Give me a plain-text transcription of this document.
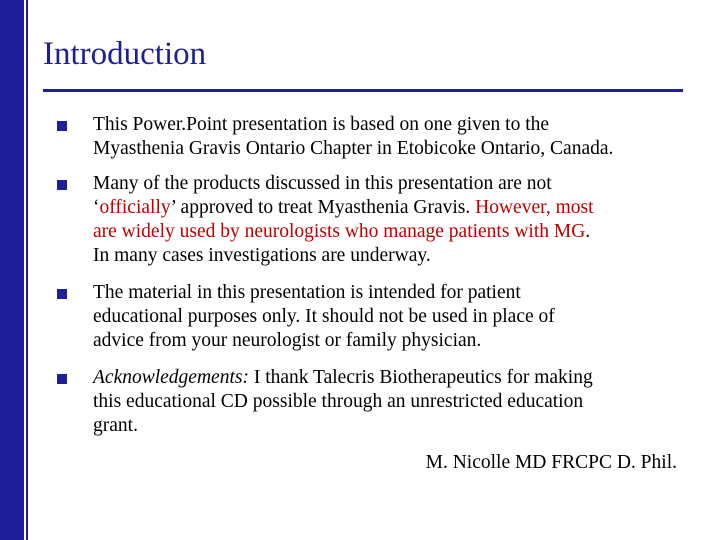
Introduction
This Power.Point presentation is based on one given to the
Myasthenia Gravis Ontario Chapter in Etobicoke Ontario, Canada.
Many of the products discussed in this presentation are not
‘officially’ approved to treat Myasthenia Gravis. However, most
are widely used by neurologists who manage patients with MG.
In many cases investigations are underway.
The material in this presentation is intended for patient
educational purposes only. It should not be used in place of
advice from your neurologist or family physician.
Acknowledgements: I thank Talecris Biotherapeutics for making
this educational CD possible through an unrestricted education
grant.
M. Nicolle MD FRCPC D. Phil.
